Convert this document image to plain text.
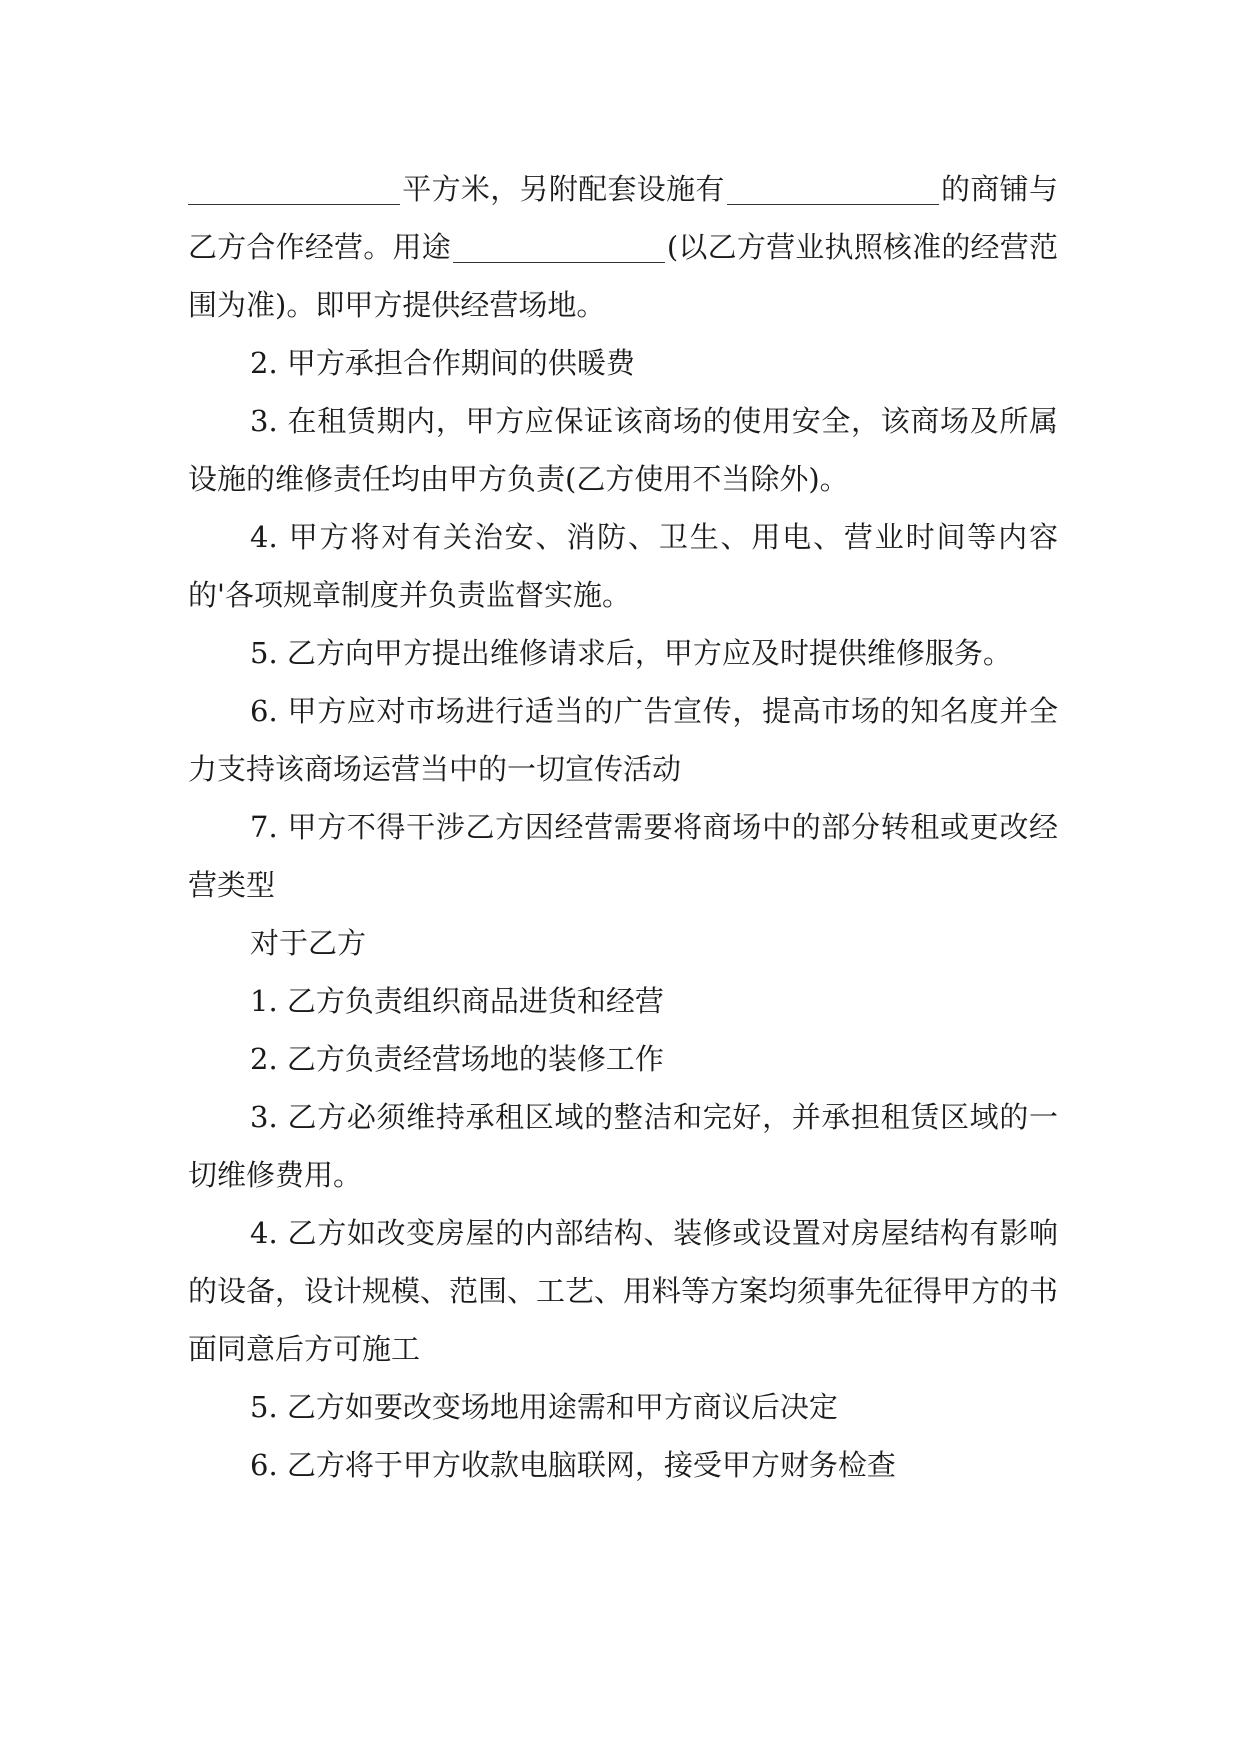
平方米，另附配套设施有	的商铺与乙方合作经营。用途	(以乙方营业执照核准的经营范围为准)。即甲方提供经营场地。

2. 甲方承担合作期间的供暖费

3. 在租赁期内，甲方应保证该商场的使用安全，该商场及所属设施的维修责任均由甲方负责(乙方使用不当除外)。

4. 甲方将对有关治安、消防、卫生、用电、营业时间等内容的'各项规章制度并负责监督实施。

5. 乙方向甲方提出维修请求后，甲方应及时提供维修服务。

6. 甲方应对市场进行适当的广告宣传，提高市场的知名度并全力支持该商场运营当中的一切宣传活动

7. 甲方不得干涉乙方因经营需要将商场中的部分转租或更改经营类型

对于乙方

1. 乙方负责组织商品进货和经营

2. 乙方负责经营场地的装修工作

3. 乙方必须维持承租区域的整洁和完好，并承担租赁区域的一切维修费用。

4. 乙方如改变房屋的内部结构、装修或设置对房屋结构有影响的设备，设计规模、范围、工艺、用料等方案均须事先征得甲方的书面同意后方可施工

5. 乙方如要改变场地用途需和甲方商议后决定

6. 乙方将于甲方收款电脑联网，接受甲方财务检查
